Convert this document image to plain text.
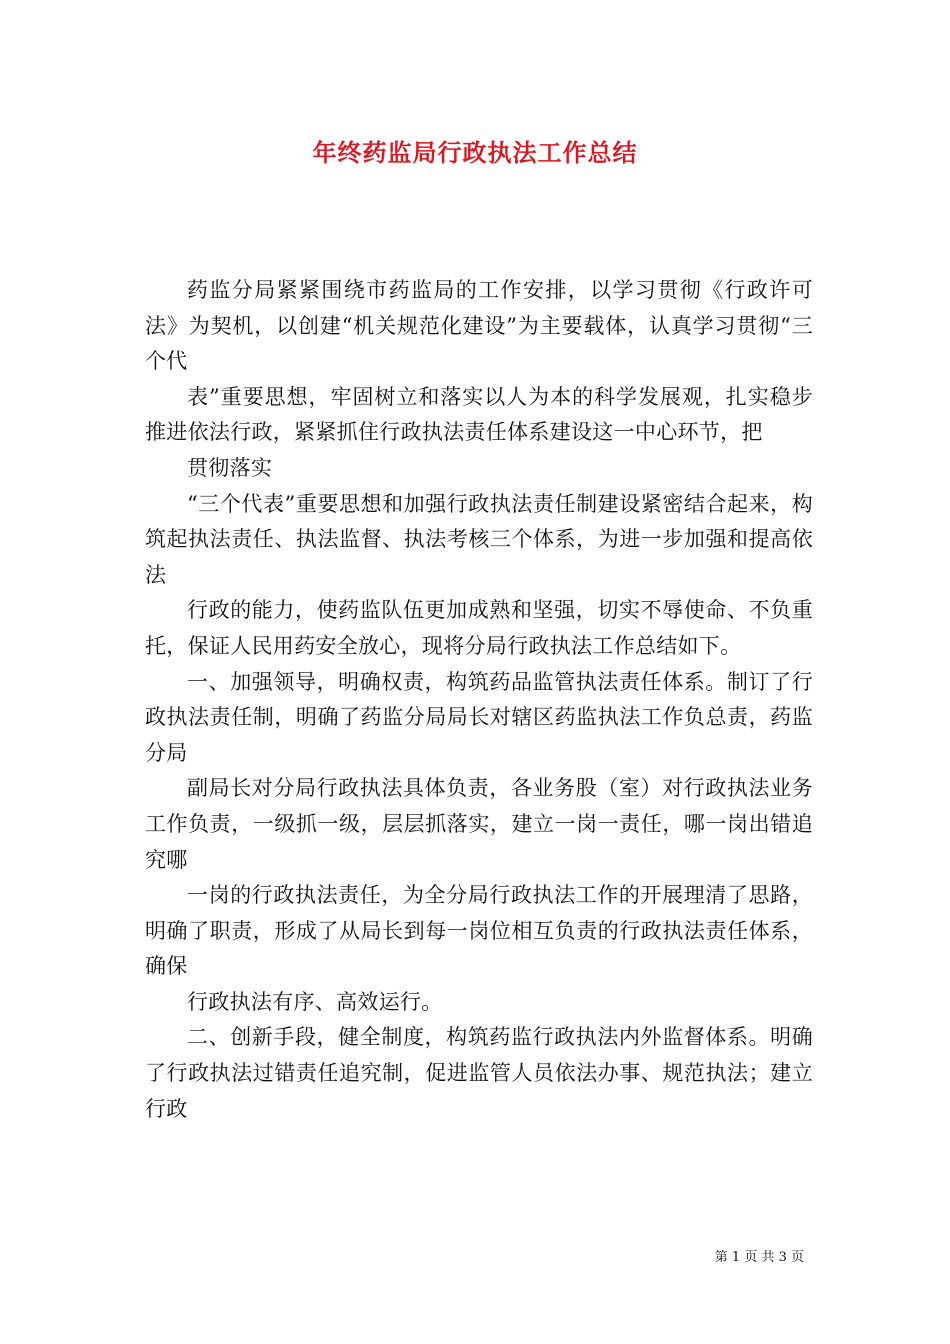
年终药监局行政执法工作总结

药监分局紧紧围绕市药监局的工作安排，以学习贯彻《行政许可法》为契机，以创建“机关规范化建设”为主要载体，认真学习贯彻“三个代

表”重要思想，牢固树立和落实以人为本的科学发展观，扎实稳步推进依法行政，紧紧抓住行政执法责任体系建设这一中心环节，把

贯彻落实

“三个代表”重要思想和加强行政执法责任制建设紧密结合起来，构筑起执法责任、执法监督、执法考核三个体系，为进一步加强和提高依法

行政的能力，使药监队伍更加成熟和坚强，切实不辱使命、不负重托，保证人民用药安全放心，现将分局行政执法工作总结如下。

一、加强领导，明确权责，构筑药品监管执法责任体系。制订了行政执法责任制，明确了药监分局局长对辖区药监执法工作负总责，药监分局

副局长对分局行政执法具体负责，各业务股（室）对行政执法业务工作负责，一级抓一级，层层抓落实，建立一岗一责任，哪一岗出错追究哪

一岗的行政执法责任，为全分局行政执法工作的开展理清了思路，明确了职责，形成了从局长到每一岗位相互负责的行政执法责任体系，确保

行政执法有序、高效运行。

二、创新手段，健全制度，构筑药监行政执法内外监督体系。明确了行政执法过错责任追究制，促进监管人员依法办事、规范执法；建立行政

第 1 页 共 3 页
